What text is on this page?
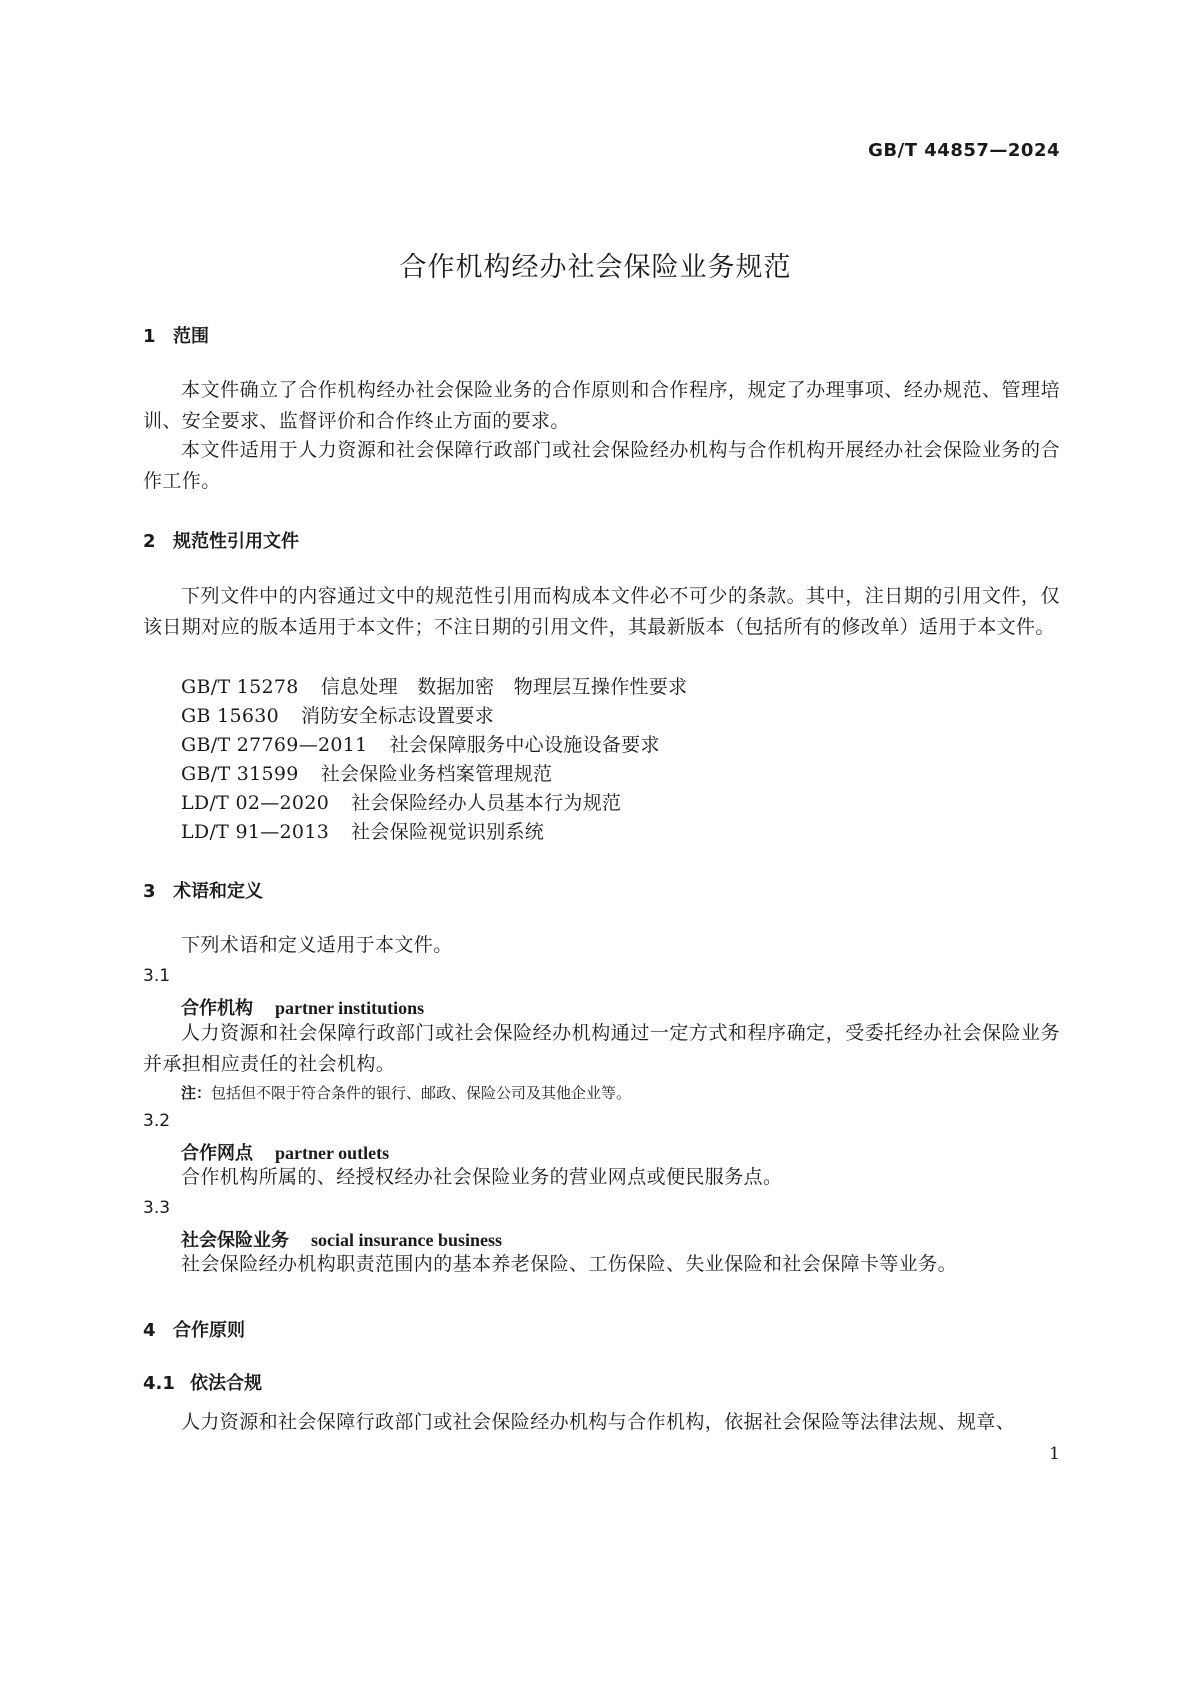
GB/T 44857—2024
合作机构经办社会保险业务规范
1 范围
本文件确立了合作机构经办社会保险业务的合作原则和合作程序，规定了办理事项、经办规范、管理培训、安全要求、监督评价和合作终止方面的要求。
本文件适用于人力资源和社会保障行政部门或社会保险经办机构与合作机构开展经办社会保险业务的合作工作。
2 规范性引用文件
下列文件中的内容通过文中的规范性引用而构成本文件必不可少的条款。其中，注日期的引用文件，仅该日期对应的版本适用于本文件；不注日期的引用文件，其最新版本（包括所有的修改单）适用于本文件。
GB/T 15278 信息处理　数据加密　物理层互操作性要求
GB 15630 消防安全标志设置要求
GB/T 27769—2011 社会保障服务中心设施设备要求
GB/T 31599 社会保险业务档案管理规范
LD/T 02—2020 社会保险经办人员基本行为规范
LD/T 91—2013 社会保险视觉识别系统
3 术语和定义
下列术语和定义适用于本文件。
3.1
合作机构 partner institutions
人力资源和社会保障行政部门或社会保险经办机构通过一定方式和程序确定，受委托经办社会保险业务并承担相应责任的社会机构。
注：包括但不限于符合条件的银行、邮政、保险公司及其他企业等。
3.2
合作网点 partner outlets
合作机构所属的、经授权经办社会保险业务的营业网点或便民服务点。
3.3
社会保险业务 social insurance business
社会保险经办机构职责范围内的基本养老保险、工伤保险、失业保险和社会保障卡等业务。
4 合作原则
4.1 依法合规
人力资源和社会保障行政部门或社会保险经办机构与合作机构，依据社会保险等法律法规、规章、
1
